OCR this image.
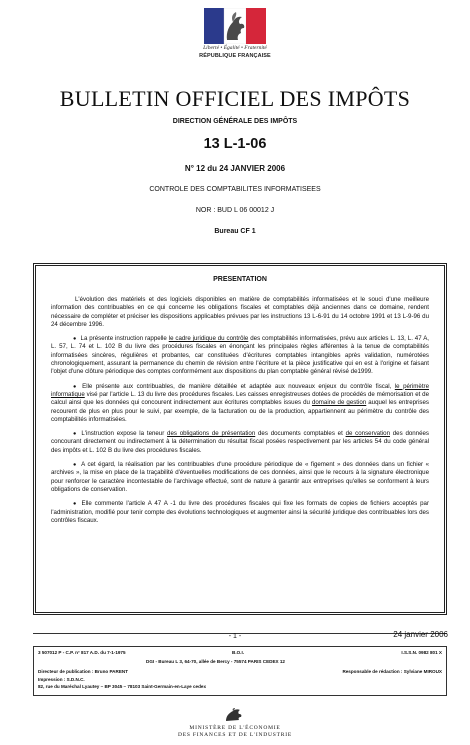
Liberté • Égalité • Fraternité
RÉPUBLIQUE FRANÇAISE
BULLETIN OFFICIEL DES IMPÔTS
DIRECTION GÉNÉRALE DES IMPÔTS
13 L-1-06
N° 12 du 24 JANVIER 2006
CONTROLE DES COMPTABILITES INFORMATISEES
NOR : BUD L 06 00012 J
Bureau CF 1
PRESENTATION

L'évolution des matériels et des logiciels disponibles en matière de comptabilités informatisées et le souci d'une meilleure information des contribuables en ce qui concerne les obligations fiscales et comptables déjà anciennes dans ce domaine, rendent nécessaire de compléter et préciser les dispositions applicables prévues par les instructions 13 L-6-91 du 14 octobre 1991 et 13 L-9-96 du 24 décembre 1996.

● La présente instruction rappelle le cadre juridique du contrôle des comptabilités informatisées, prévu aux articles L. 13, L. 47 A, L. 57, L. 74 et L. 102 B du livre des procédures fiscales en énonçant les principales règles afférentes à la tenue de comptabilités informatisées sincères, régulières et probantes, car constituées d'écritures comptables intangibles après validation, numérotées chronologiquement, assurant la permanence du chemin de révision entre l'écriture et la pièce justificative qui en est à l'origine et faisant l'objet d'une clôture périodique des comptes conformément aux dispositions du plan comptable général révisé de1999.

● Elle présente aux contribuables, de manière détaillée et adaptée aux nouveaux enjeux du contrôle fiscal, le périmètre informatique visé par l'article L. 13 du livre des procédures fiscales. Les caisses enregistreuses dotées de procédés de mémorisation et de calcul ainsi que les données qui concourent indirectement aux écritures comptables issues du domaine de gestion auquel les entreprises recourent de plus en plus pour le suivi, par exemple, de la facturation ou de la production, appartiennent au périmètre du contrôle des comptabilités informatisées.

● L'instruction expose la teneur des obligations de présentation des documents comptables et de conservation des données concourant directement ou indirectement à la détermination du résultat fiscal posées respectivement par les articles 54 du code général des impôts et L. 102 B du livre des procédures fiscales.

● A cet égard, la réalisation par les contribuables d'une procédure périodique de « figement » des données dans un fichier « archives », la mise en place de la traçabilité d'éventuelles modifications de ces données, ainsi que le recours à la signature électronique pour renforcer le caractère incontestable de l'archivage effectué, sont de nature à garantir aux entreprises qu'elles se conforment à leurs obligations de conservation.

● Elle commente l'article A 47 A -1 du livre des procédures fiscales qui fixe les formats de copies de fichiers acceptés par l'administration, modifié pour tenir compte des évolutions technologiques et augmenter ainsi la sécurité juridique des contribuables lors des contrôles fiscaux.

- 1 -	24 janvier 2006
3 507012 P - C.P. n° 817 A.D. du 7-1-1975	B.O.I.	I.S.S.N. 0982 801 X
DGI - Bureau L 3, 64-70, allée de Bercy - 75574 PARIS CEDEX 12
Directeur de publication : Bruno PARENT	Responsable de rédaction : Sylviane MIROUX
Impression : S.D.N.C.
82, rue du Maréchal Lyautey – BP 3045 – 78103 Saint-Germain-en-Laye cedex
MINISTÈRE DE L'ÉCONOMIE
DES FINANCES ET DE L'INDUSTRIE
